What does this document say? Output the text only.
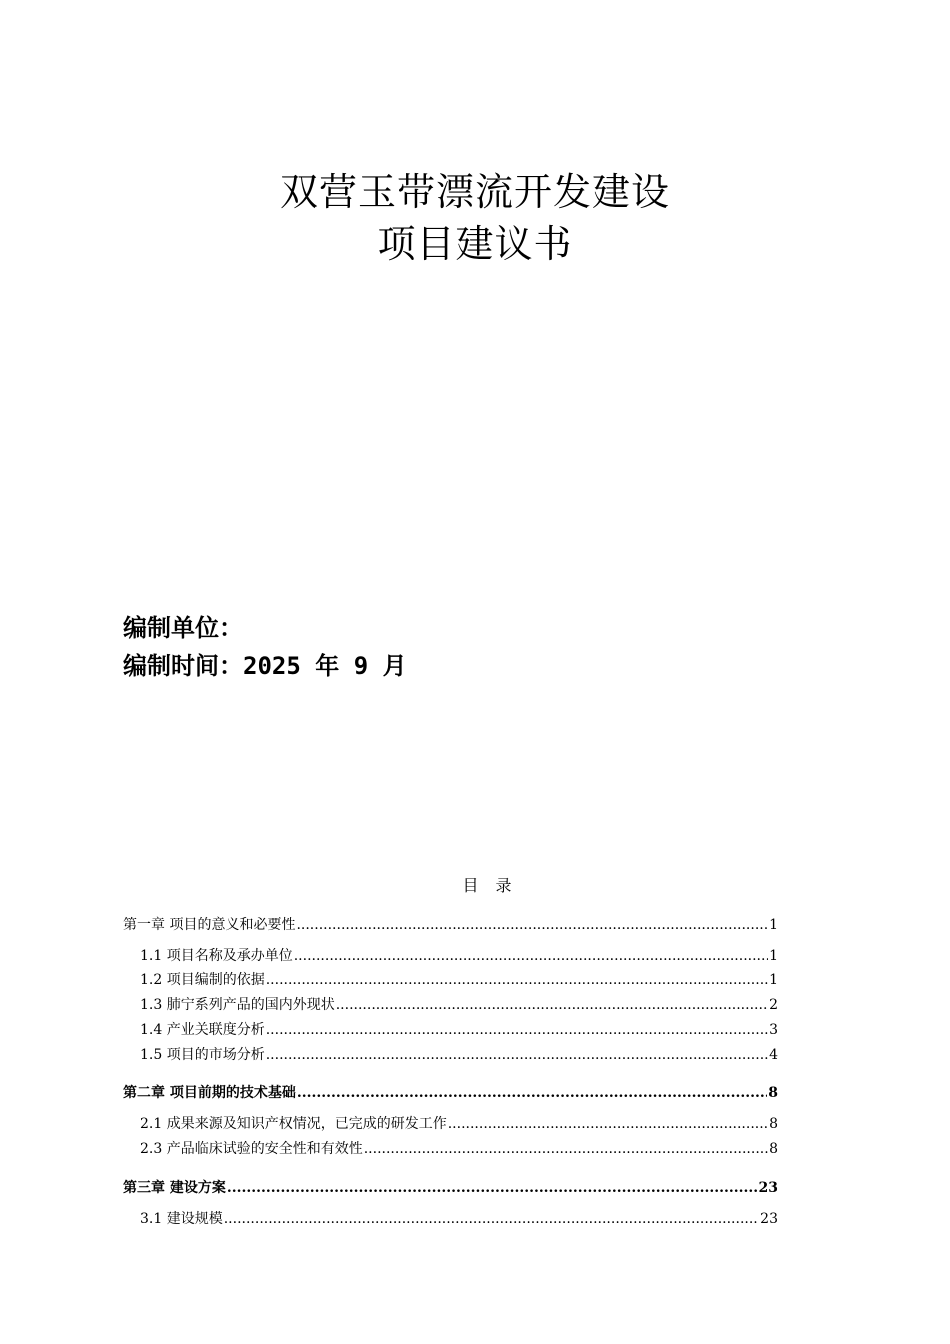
双营玉带漂流开发建设
项目建议书
编制单位：
编制时间：2025 年 9 月
目 录
第一章 项目的意义和必要性 .....	1
1.1 项目名称及承办单位 .....	1
1.2 项目编制的依据 .....	1
1.3 肺宁系列产品的国内外现状 .....	2
1.4 产业关联度分析 .....	3
1.5 项目的市场分析 .....	4
第二章 项目前期的技术基础 .....	8
2.1 成果来源及知识产权情况，已完成的研发工作 .....	8
2.3 产品临床试验的安全性和有效性 .....	8
第三章 建设方案 .....	23
3.1 建设规模 .....	23
